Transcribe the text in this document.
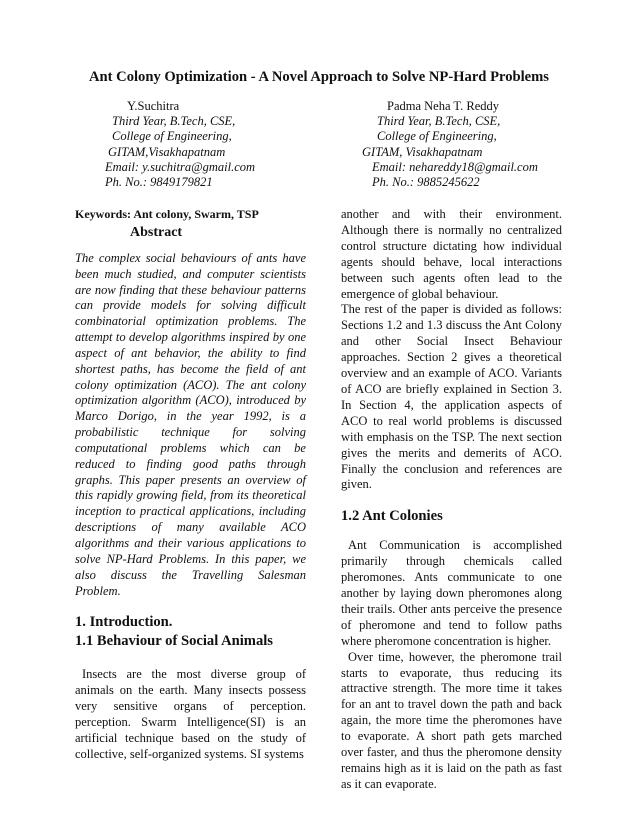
Ant Colony Optimization - A Novel Approach to Solve NP-Hard Problems
Y.Suchitra
Third Year, B.Tech, CSE,
College of Engineering,
GITAM,Visakhapatnam
Email: y.suchitra@gmail.com
Ph. No.: 9849179821
Padma Neha T. Reddy
Third Year, B.Tech, CSE,
College of Engineering,
GITAM, Visakhapatnam
Email: nehareddy18@gmail.com
Ph. No.: 9885245622

Keywords: Ant colony, Swarm, TSP

Abstract

The complex social behaviours of ants have been much studied, and computer scientists are now finding that these behaviour patterns can provide models for solving difficult combinatorial optimization problems. The attempt to develop algorithms inspired by one aspect of ant behavior, the ability to find shortest paths, has become the field of ant colony optimization (ACO). The ant colony optimization algorithm (ACO), introduced by Marco Dorigo, in the year 1992, is a probabilistic technique for solving computational problems which can be reduced to finding good paths through graphs. This paper presents an overview of this rapidly growing field, from its theoretical inception to practical applications, including descriptions of many available ACO algorithms and their various applications to solve NP-Hard Problems. In this paper, we also discuss the Travelling Salesman Problem.

1. Introduction.
1.1 Behaviour of Social Animals

Insects are the most diverse group of animals on the earth. Many insects possess very sensitive organs of perception. perception. Swarm Intelligence(SI) is an artificial technique based on the study of collective, self-organized systems. SI systems

another and with their environment. Although there is normally no centralized control structure dictating how individual agents should behave, local interactions between such agents often lead to the emergence of global behaviour.

The rest of the paper is divided as follows: Sections 1.2 and 1.3 discuss the Ant Colony and other Social Insect Behaviour approaches. Section 2 gives a theoretical overview and an example of ACO. Variants of ACO are briefly explained in Section 3. In Section 4, the application aspects of ACO to real world problems is discussed with emphasis on the TSP. The next section gives the merits and demerits of ACO. Finally the conclusion and references are given.

1.2 Ant Colonies

Ant Communication is accomplished primarily through chemicals called pheromones. Ants communicate to one another by laying down pheromones along their trails. Other ants perceive the presence of pheromone and tend to follow paths where pheromone concentration is higher.

Over time, however, the pheromone trail starts to evaporate, thus reducing its attractive strength. The more time it takes for an ant to travel down the path and back again, the more time the pheromones have to evaporate. A short path gets marched over faster, and thus the pheromone density remains high as it is laid on the path as fast as it can evaporate.
